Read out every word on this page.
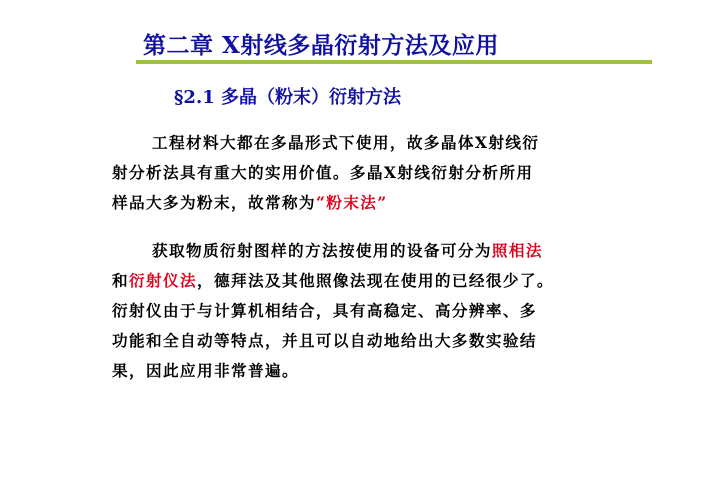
第二章 X射线多晶衍射方法及应用
§2.1 多晶（粉末）衍射方法
工程材料大都在多晶形式下使用，故多晶体X射线衍
射分析法具有重大的实用价值。多晶X射线衍射分析所用
样品大多为粉末，故常称为“粉末法”
获取物质衍射图样的方法按使用的设备可分为照相法
和衍射仪法，德拜法及其他照像法现在使用的已经很少了。
衍射仪由于与计算机相结合，具有高稳定、高分辨率、多
功能和全自动等特点，并且可以自动地给出大多数实验结
果，因此应用非常普遍。
